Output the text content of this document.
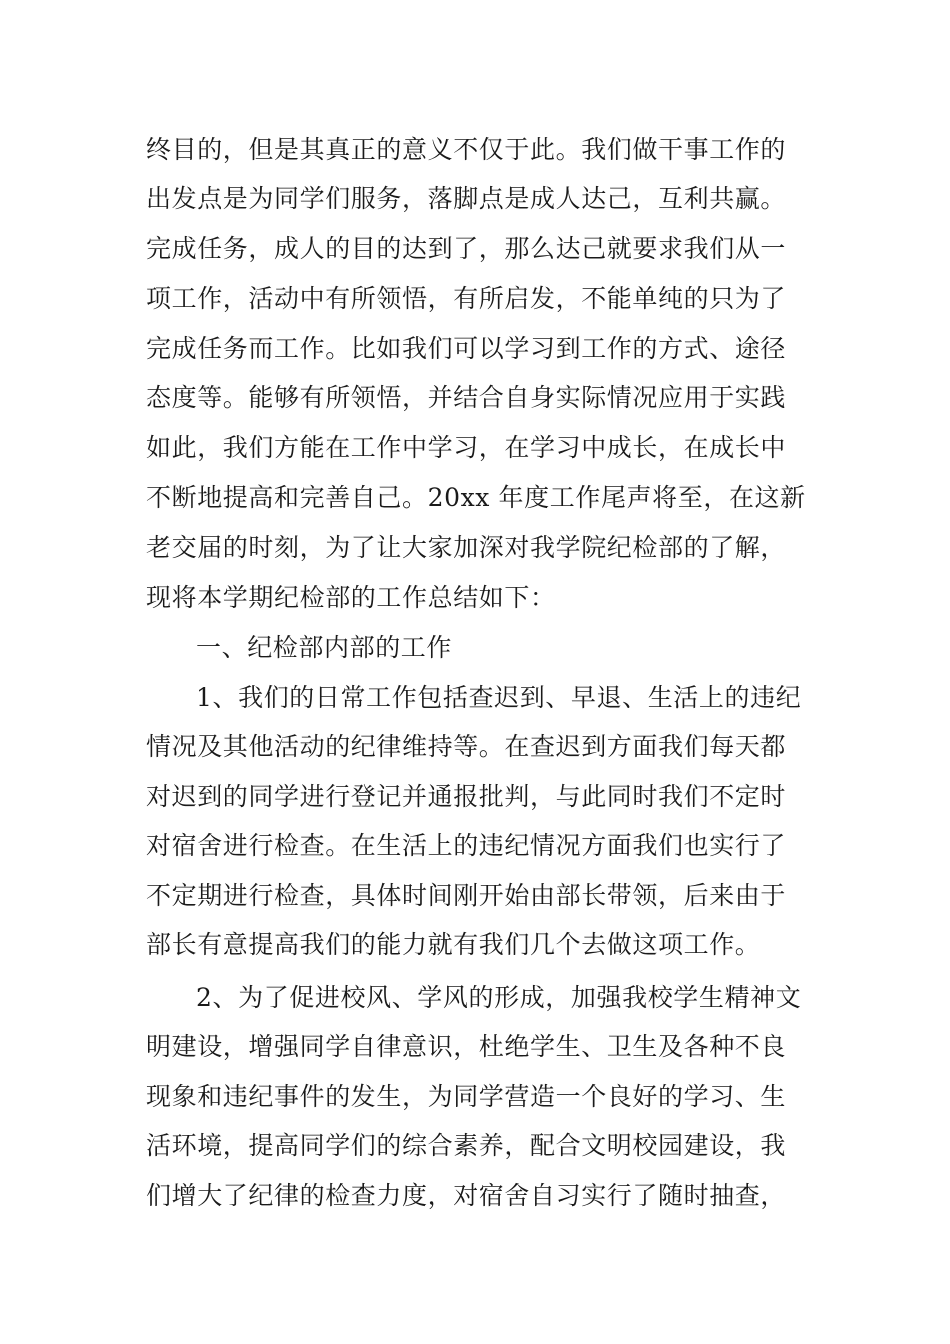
终目的，但是其真正的意义不仅于此。我们做干事工作的
出发点是为同学们服务，落脚点是成人达己，互利共赢。
完成任务，成人的目的达到了，那么达己就要求我们从一
项工作，活动中有所领悟，有所启发，不能单纯的只为了
完成任务而工作。比如我们可以学习到工作的方式、途径
态度等。能够有所领悟，并结合自身实际情况应用于实践
如此，我们方能在工作中学习，在学习中成长，在成长中
不断地提高和完善自己。20xx 年度工作尾声将至，在这新
老交届的时刻，为了让大家加深对我学院纪检部的了解，
现将本学期纪检部的工作总结如下：
一、纪检部内部的工作
1、我们的日常工作包括查迟到、早退、生活上的违纪
情况及其他活动的纪律维持等。在查迟到方面我们每天都
对迟到的同学进行登记并通报批判，与此同时我们不定时
对宿舍进行检查。在生活上的违纪情况方面我们也实行了
不定期进行检查，具体时间刚开始由部长带领，后来由于
部长有意提高我们的能力就有我们几个去做这项工作。
2、为了促进校风、学风的形成，加强我校学生精神文
明建设，增强同学自律意识，杜绝学生、卫生及各种不良
现象和违纪事件的发生，为同学营造一个良好的学习、生
活环境，提高同学们的综合素养，配合文明校园建设，我
们增大了纪律的检查力度，对宿舍自习实行了随时抽查，
